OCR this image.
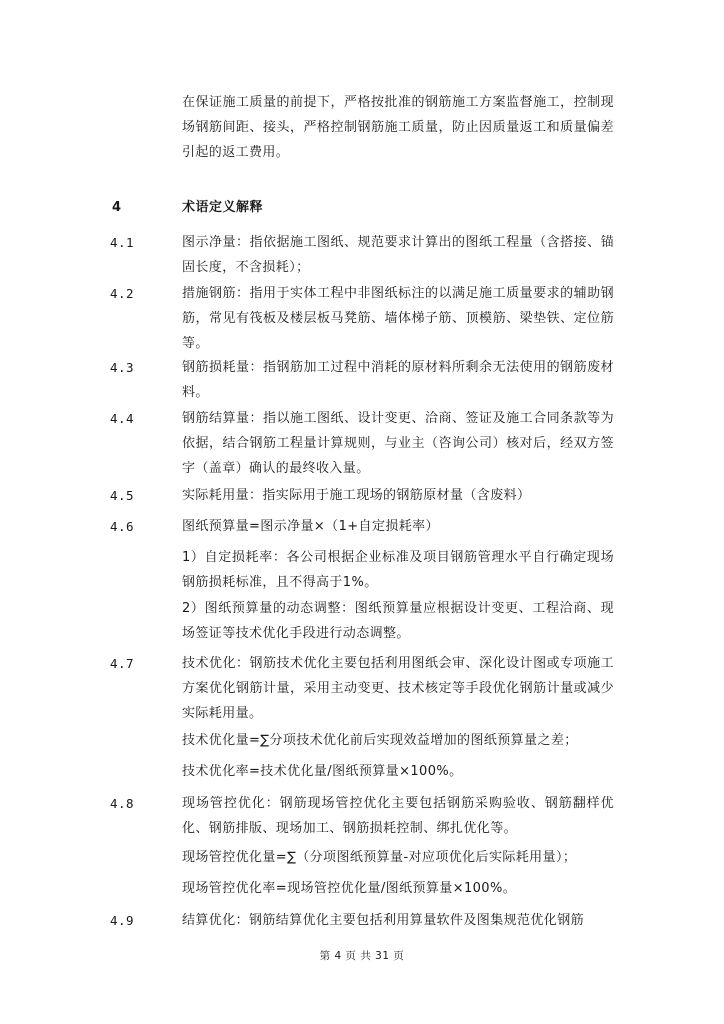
在保证施工质量的前提下，严格按批准的钢筋施工方案监督施工，控制现场钢筋间距、接头，严格控制钢筋施工质量，防止因质量返工和质量偏差引起的返工费用。
4	术语定义解释
4.1	图示净量：指依据施工图纸、规范要求计算出的图纸工程量（含搭接、锚固长度，不含损耗）；
4.2	措施钢筋：指用于实体工程中非图纸标注的以满足施工质量要求的辅助钢筋，常见有筏板及楼层板马凳筋、墙体梯子筋、顶模筋、梁垫铁、定位筋等。
4.3	钢筋损耗量：指钢筋加工过程中消耗的原材料所剩余无法使用的钢筋废材料。
4.4	钢筋结算量：指以施工图纸、设计变更、洽商、签证及施工合同条款等为依据，结合钢筋工程量计算规则，与业主（咨询公司）核对后，经双方签字（盖章）确认的最终收入量。
4.5	实际耗用量：指实际用于施工现场的钢筋原材量（含废料）
4.6	图纸预算量=图示净量×（1+自定损耗率）
1）自定损耗率：各公司根据企业标准及项目钢筋管理水平自行确定现场钢筋损耗标准，且不得高于1%。
2）图纸预算量的动态调整：图纸预算量应根据设计变更、工程洽商、现场签证等技术优化手段进行动态调整。
4.7	技术优化：钢筋技术优化主要包括利用图纸会审、深化设计图或专项施工方案优化钢筋计量，采用主动变更、技术核定等手段优化钢筋计量或减少实际耗用量。
技术优化量=∑分项技术优化前后实现效益增加的图纸预算量之差；
技术优化率=技术优化量/图纸预算量×100%。
4.8	现场管控优化：钢筋现场管控优化主要包括钢筋采购验收、钢筋翻样优化、钢筋排版、现场加工、钢筋损耗控制、绑扎优化等。
现场管控优化量=∑（分项图纸预算量-对应项优化后实际耗用量）；
现场管控优化率=现场管控优化量/图纸预算量×100%。
4.9	结算优化：钢筋结算优化主要包括利用算量软件及图集规范优化钢筋
第 4 页 共 31 页
